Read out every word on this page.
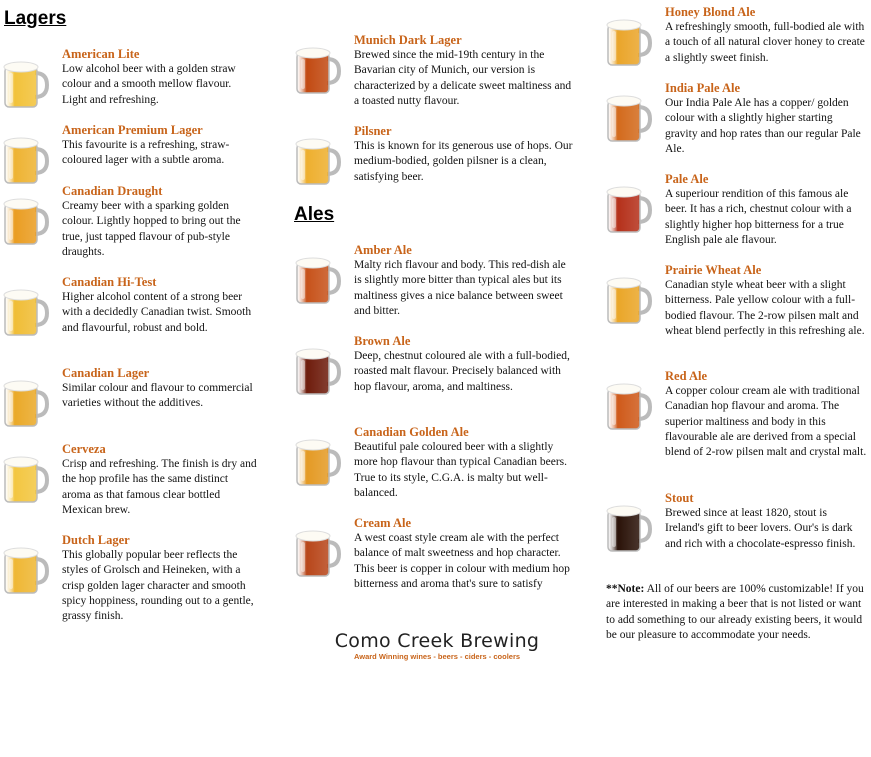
Lagers
American Lite
Low alcohol beer with a golden straw colour and a smooth mellow flavour. Light and refreshing.
American Premium Lager
This favourite is a refreshing, straw-coloured lager with a subtle aroma.
Canadian Draught
Creamy beer with a sparking golden colour. Lightly hopped to bring out the true, just tapped flavour of pub-style draughts.
Canadian Hi-Test
Higher alcohol content of a strong beer with a decidedly Canadian twist. Smooth and flavourful, robust and bold.
Canadian Lager
Similar colour and flavour to commercial varieties without the additives.
Cerveza
Crisp and refreshing. The finish is dry and the hop profile has the same distinct aroma as that famous clear bottled Mexican brew.
Dutch Lager
This globally popular beer reflects the styles of Grolsch and Heineken, with a crisp golden lager character and smooth spicy hoppiness, rounding out to a gentle, grassy finish.
Munich Dark Lager
Brewed since the mid-19th century in the Bavarian city of Munich, our version is characterized by a delicate sweet maltiness and a toasted nutty flavour.
Pilsner
This is known for its generous use of hops. Our medium-bodied, golden pilsner is a clean, satisfying beer.
Ales
Amber Ale
Malty rich flavour and body. This red-dish ale is slightly more bitter than typical ales but its maltiness gives a nice balance between sweet and bitter.
Brown Ale
Deep, chestnut coloured ale with a full-bodied, roasted malt flavour. Precisely balanced with hop flavour, aroma, and maltiness.
Canadian Golden Ale
Beautiful pale coloured beer with a slightly more hop flavour than typical Canadian beers. True to its style, C.G.A. is malty but well-balanced.
Cream Ale
A west coast style cream ale with the perfect balance of malt sweetness and hop character. This beer is copper in colour with medium hop bitterness and aroma that's sure to satisfy
Como Creek Brewing
Award Winning wines - beers - ciders - coolers
Honey Blond Ale
A refreshingly smooth, full-bodied ale with a touch of all natural clover honey to create a slightly sweet finish.
India Pale Ale
Our India Pale Ale has a copper/ golden colour with a slightly higher starting gravity and hop rates than our regular Pale Ale.
Pale Ale
A superiour rendition of this famous ale beer. It has a rich, chestnut colour with a slightly higher hop bitterness for a true English pale ale flavour.
Prairie Wheat Ale
Canadian style wheat beer with a slight bitterness. Pale yellow colour with a full-bodied flavour. The 2-row pilsen malt and wheat blend perfectly in this refreshing ale.
Red Ale
A copper colour cream ale with traditional Canadian hop flavour and aroma. The superior maltiness and body in this flavourable ale are derived from a special blend of 2-row pilsen malt and crystal malt.
Stout
Brewed since at least 1820, stout is Ireland's gift to beer lovers. Our's is dark and rich with a chocolate-espresso finish.
**Note: All of our beers are 100% customizable! If you are interested in making a beer that is not listed or want to add something to our already existing beers, it would be our pleasure to accommodate your needs.
